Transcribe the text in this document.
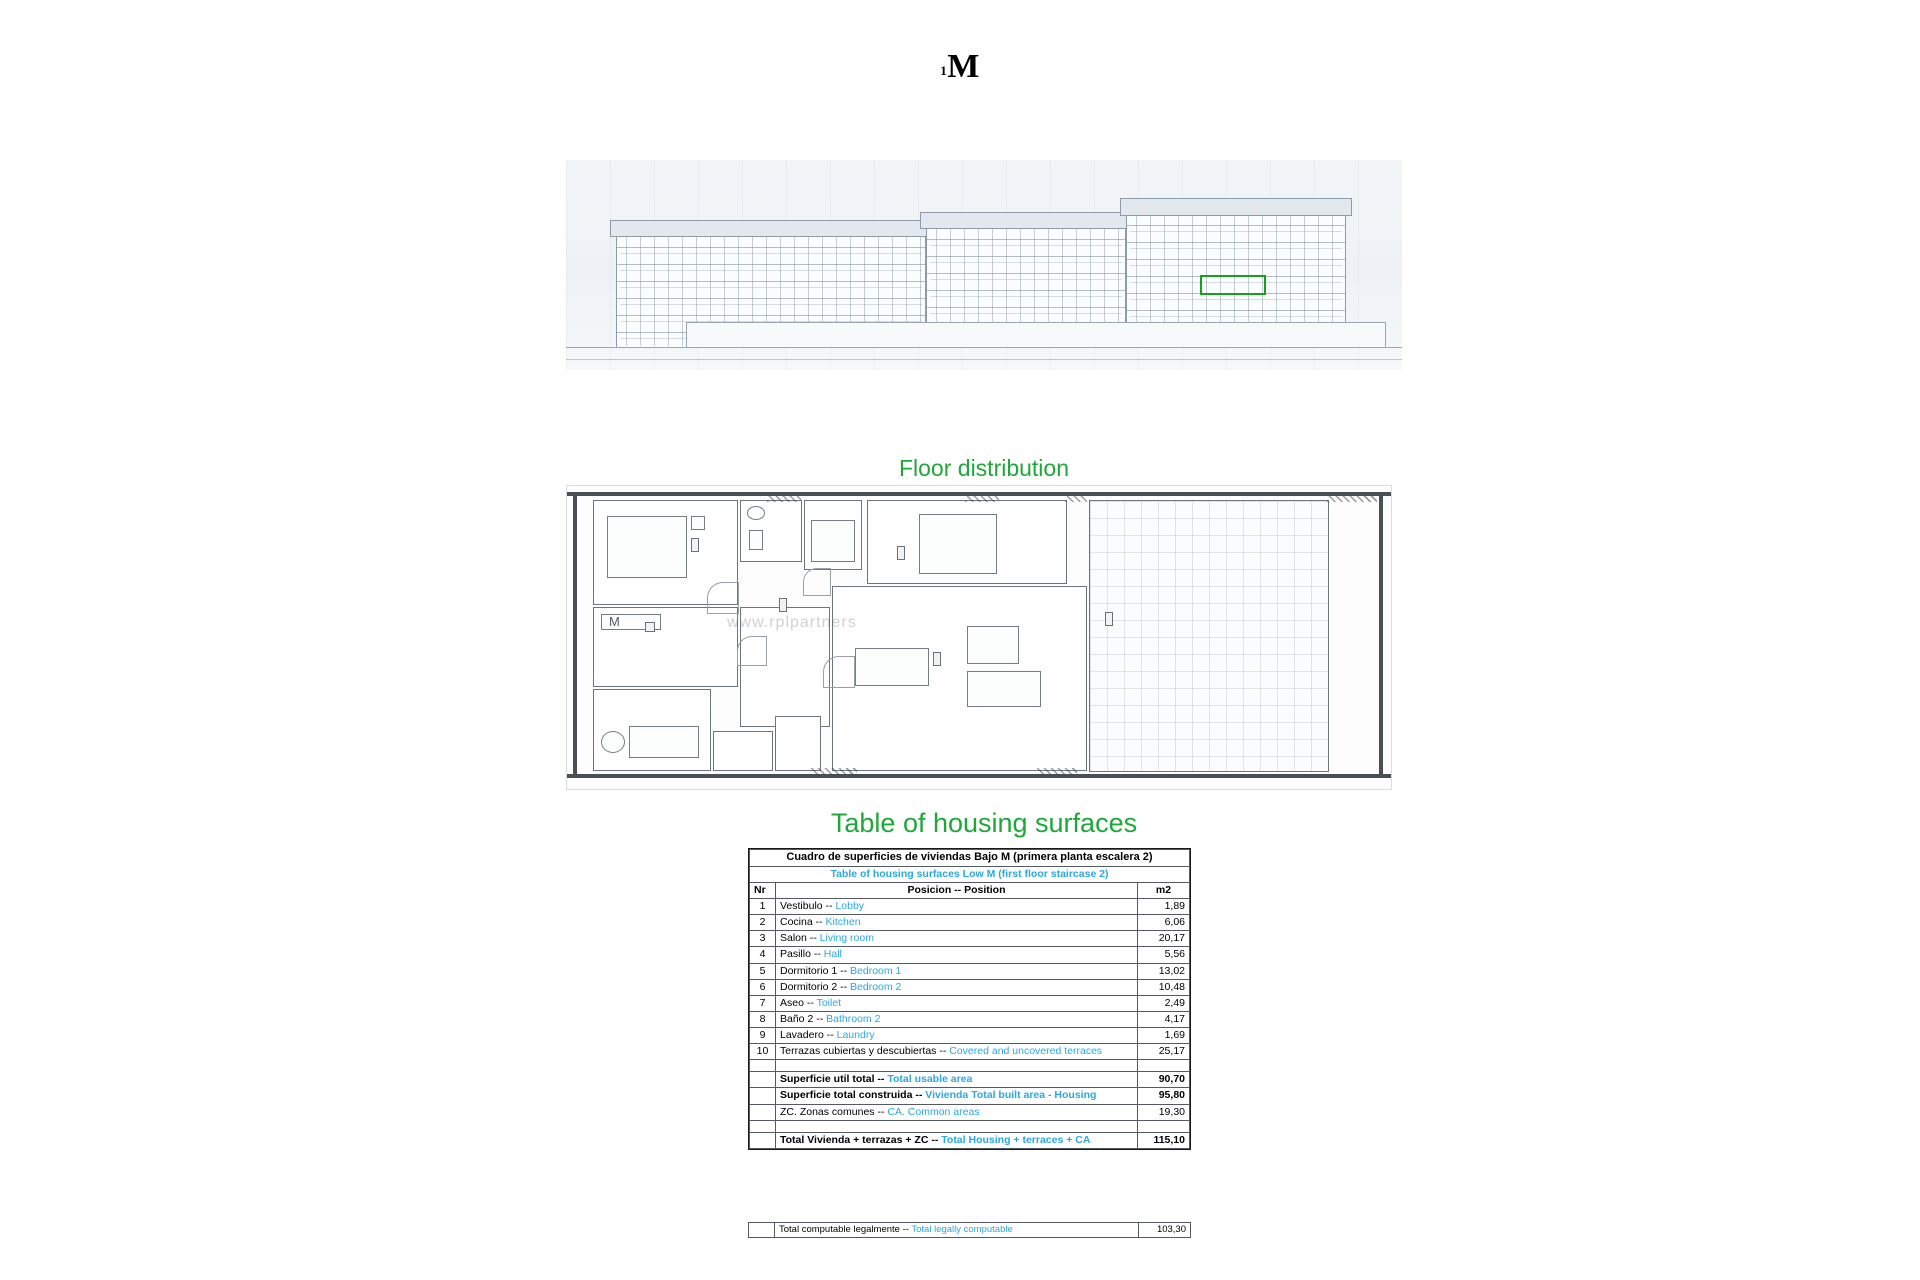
1M
Floor distribution
M	www.rplpartners
Table of housing surfaces
Cuadro de superficies de viviendas Bajo M (primera planta escalera 2)		
Table of housing surfaces Low M (first floor staircase 2)		
Nr	Posicion -- Position	m2
1	Vestibulo -- Lobby	1,89
2	Cocina -- Kitchen	6,06
3	Salon -- Living room	20,17
4	Pasillo -- Hall	5,56
5	Dormitorio 1 -- Bedroom 1	13,02
6	Dormitorio 2 -- Bedroom 2	10,48
7	Aseo -- Toilet	2,49
8	Baño 2 -- Bathroom 2	4,17
9	Lavadero -- Laundry	1,69
10	Terrazas cubiertas y descubiertas -- Covered and uncovered terraces	25,17

	Superficie util total -- Total usable area	90,70
	Superficie total construida -- Vivienda Total built area - Housing	95,80
	ZC. Zonas comunes -- CA. Common areas	19,30

	Total Vivienda + terrazas + ZC -- Total Housing + terraces + CA	115,10
	Total computable legalmente -- Total legally computable	103,30
